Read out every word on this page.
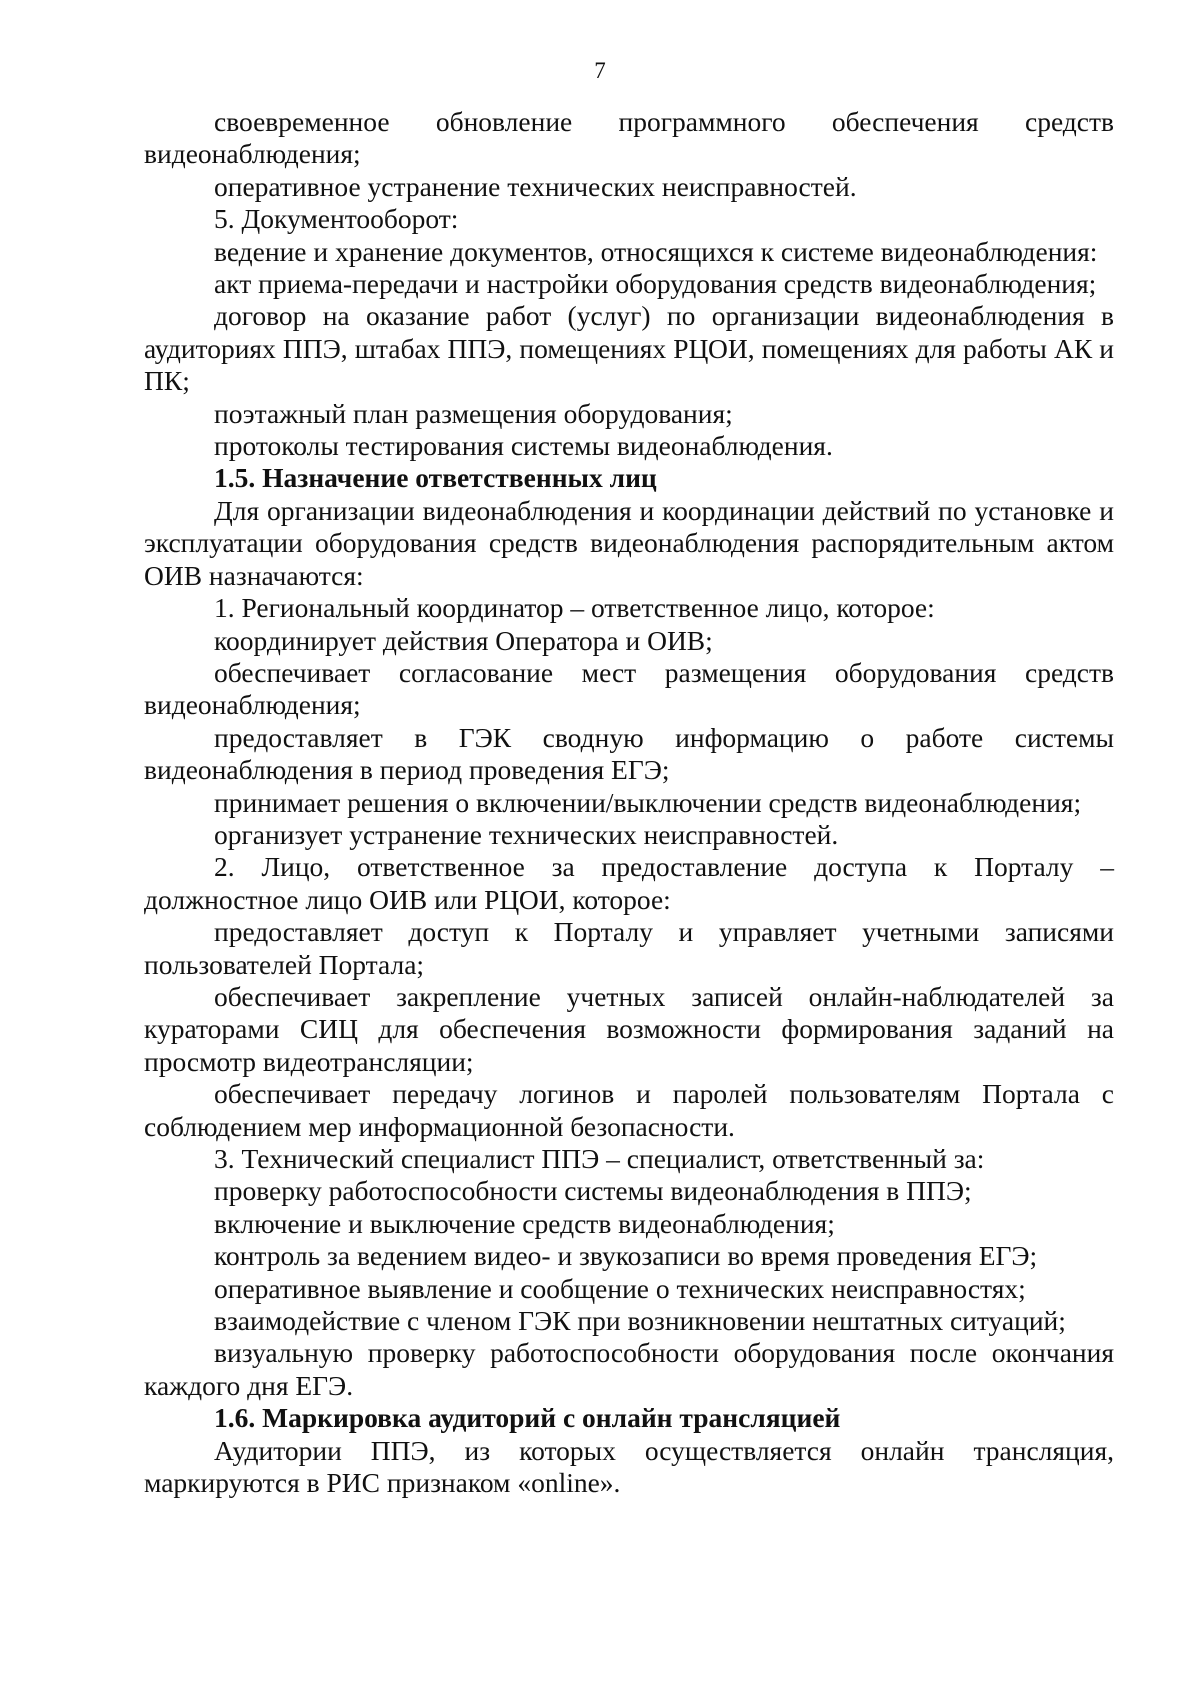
7

своевременное обновление программного обеспечения средств видеонаблюдения;

оперативное устранение технических неисправностей.

5. Документооборот:

ведение и хранение документов, относящихся к системе видеонаблюдения:

акт приема-передачи и настройки оборудования средств видеонаблюдения;

договор на оказание работ (услуг) по организации видеонаблюдения в аудиториях ППЭ, штабах ППЭ, помещениях РЦОИ, помещениях для работы АК и ПК;

поэтажный план размещения оборудования;

протоколы тестирования системы видеонаблюдения.

1.5. Назначение ответственных лиц

Для организации видеонаблюдения и координации действий по установке и эксплуатации оборудования средств видеонаблюдения распорядительным актом ОИВ назначаются:

1. Региональный координатор – ответственное лицо, которое:

координирует действия Оператора и ОИВ;

обеспечивает согласование мест размещения оборудования средств видеонаблюдения;

предоставляет в ГЭК сводную информацию о работе системы видеонаблюдения в период проведения ЕГЭ;

принимает решения о включении/выключении средств видеонаблюдения;

организует устранение технических неисправностей.

2. Лицо, ответственное за предоставление доступа к Порталу – должностное лицо ОИВ или РЦОИ, которое:

предоставляет доступ к Порталу и управляет учетными записями пользователей Портала;

обеспечивает закрепление учетных записей онлайн-наблюдателей за кураторами СИЦ для обеспечения возможности формирования заданий на просмотр видеотрансляции;

обеспечивает передачу логинов и паролей пользователям Портала с соблюдением мер информационной безопасности.

3. Технический специалист ППЭ – специалист, ответственный за:

проверку работоспособности системы видеонаблюдения в ППЭ;

включение и выключение средств видеонаблюдения;

контроль за ведением видео- и звукозаписи во время проведения ЕГЭ;

оперативное выявление и сообщение о технических неисправностях;

взаимодействие с членом ГЭК при возникновении нештатных ситуаций;

визуальную проверку работоспособности оборудования после окончания каждого дня ЕГЭ.

1.6. Маркировка аудиторий с онлайн трансляцией

Аудитории ППЭ, из которых осуществляется онлайн трансляция, маркируются в РИС признаком «online».
